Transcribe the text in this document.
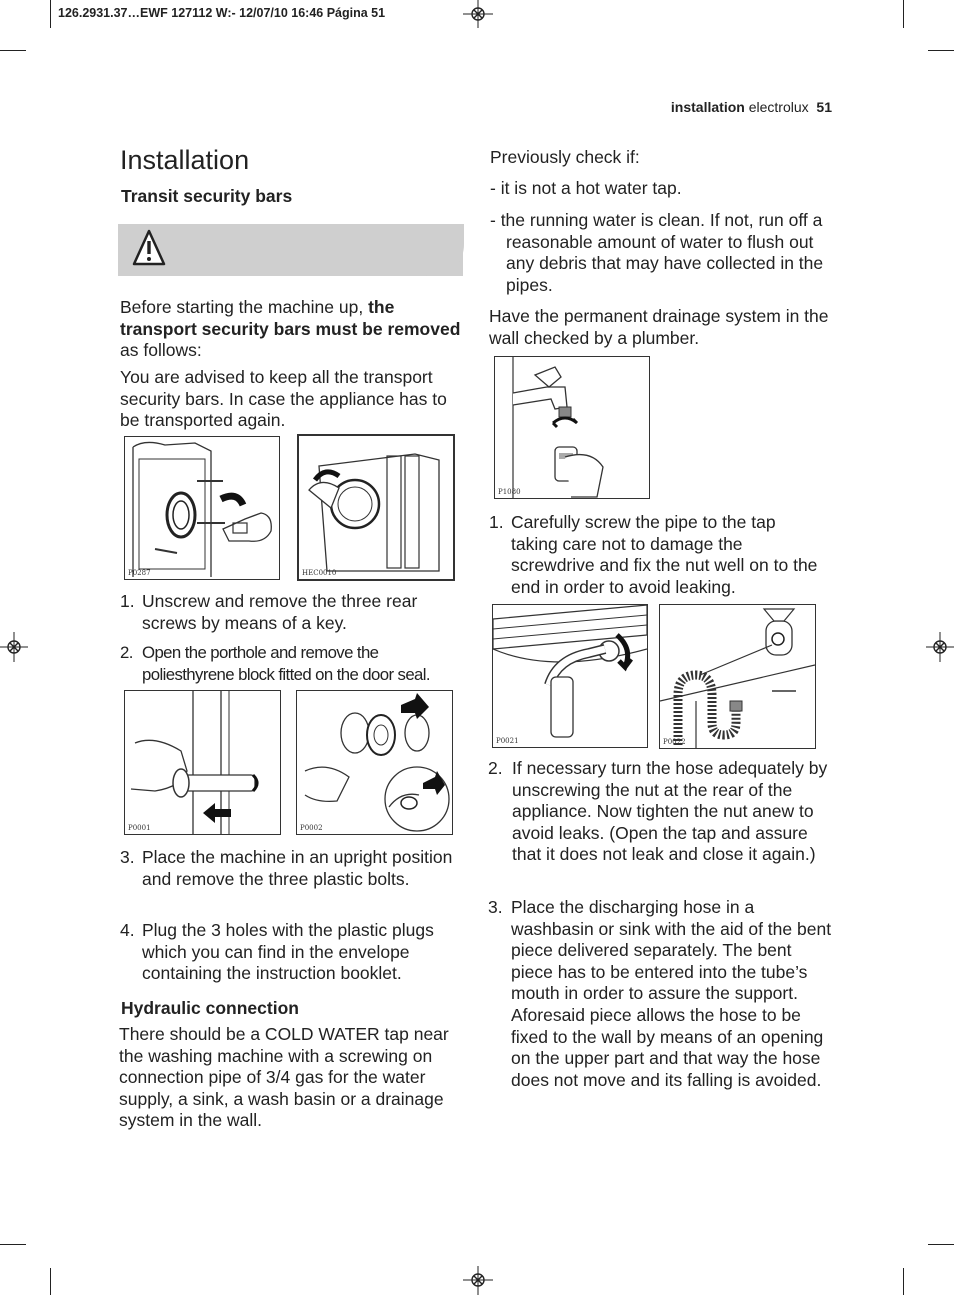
126.2931.37…EWF 127112 W:- 12/07/10 16:46 Página 51
installation electrolux 51
Installation
Transit security bars
Before starting the machine up, the transport security bars must be removed as follows:
You are advised to keep all the transport security bars. In case the appliance has to be transported again.
P0287	HEC0010
1. Unscrew and remove the three rear screws by means of a key.
2. Open the porthole and remove the poliesthyrene block fitted on the door seal.
P0001	P0002
3. Place the machine in an upright position and remove the three plastic bolts.
4. Plug the 3 holes with the plastic plugs which you can find in the envelope containing the instruction booklet.
Hydraulic connection
There should be a COLD WATER tap near the washing machine with a screwing on connection pipe of 3/4 gas for the water supply, a sink, a wash basin or a drainage system in the wall.
Previously check if:
- it is not a hot water tap.
- the running water is clean. If not, run off a reasonable amount of water to flush out any debris that may have collected in the pipes.
Have the permanent drainage system in the wall checked by a plumber.
P1080
1. Carefully screw the pipe to the tap taking care not to damage the screwdrive and fix the nut well on to the end in order to avoid leaking.
P0021	P0022
2. If necessary turn the hose adequately by unscrewing the nut at the rear of the appliance. Now tighten the nut anew to avoid leaks. (Open the tap and assure that it does not leak and close it again.)
3. Place the discharging hose in a washbasin or sink with the aid of the bent piece delivered separately. The bent piece has to be entered into the tube’s mouth in order to assure the support. Aforesaid piece allows the hose to be fixed to the wall by means of an opening on the upper part and that way the hose does not move and its falling is avoided.
